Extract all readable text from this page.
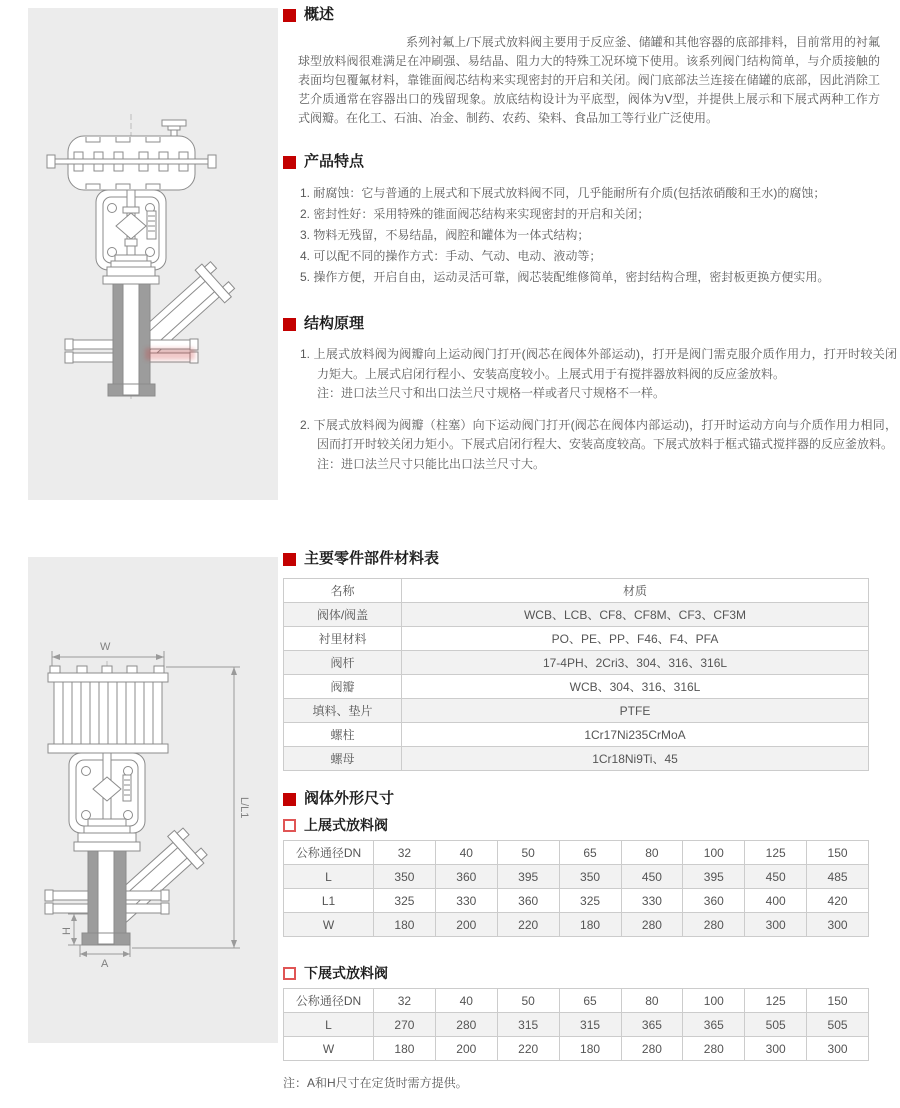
W
L/L1
H
A
概述
系列衬氟上/下展式放料阀主要用于反应釜、储罐和其他容器的底部排料，目前常用的衬氟球型放料阀很难满足在冲刷强、易结晶、阻力大的特殊工况环境下使用。该系列阀门结构简单，与介质接触的表面均包覆氟材料，靠锥面阀芯结构来实现密封的开启和关闭。阀门底部法兰连接在储罐的底部，因此消除工艺介质通常在容器出口的残留现象。放底结构设计为平底型，阀体为V型，并提供上展示和下展式两种工作方式阀瓣。在化工、石油、冶金、制药、农药、染料、食品加工等行业广泛使用。
产品特点
1. 耐腐蚀：它与普通的上展式和下展式放料阀不同，几乎能耐所有介质(包括浓硝酸和王水)的腐蚀；
2. 密封性好：采用特殊的锥面阀芯结构来实现密封的开启和关闭；
3. 物料无残留，不易结晶，阀腔和罐体为一体式结构；
4. 可以配不同的操作方式：手动、气动、电动、液动等；
5. 操作方便，开启自由，运动灵活可靠，阀芯装配维修简单，密封结构合理，密封板更换方便实用。
结构原理
1. 上展式放料阀为阀瓣向上运动阀门打开(阀芯在阀体外部运动)，打开是阀门需克服介质作用力，打开时较关闭力矩大。上展式启闭行程小、安装高度较小。上展式用于有搅拌器放料阀的反应釜放料。
注：进口法兰尺寸和出口法兰尺寸规格一样或者尺寸规格不一样。
2. 下展式放料阀为阀瓣（柱塞）向下运动阀门打开(阀芯在阀体内部运动)，打开时运动方向与介质作用力相同，因而打开时较关闭力矩小。下展式启闭行程大、安装高度较高。下展式放料于框式锚式搅拌器的反应釜放料。
注：进口法兰尺寸只能比出口法兰尺寸大。
主要零件部件材料表
名称	材质
阀体/阀盖	WCB、LCB、CF8、CF8M、CF3、CF3M
衬里材料	PO、PE、PP、F46、F4、PFA
阀杆	17-4PH、2Cri3、304、316、316L
阀瓣	WCB、304、316、316L
填料、垫片	PTFE
螺柱	1Cr17Ni235CrMoA
螺母	1Cr18Ni9Ti、45
阀体外形尺寸
上展式放料阀
公称通径DN	32	40	50	65	80	100	125	150
L	350	360	395	350	450	395	450	485
L1	325	330	360	325	330	360	400	420
W	180	200	220	180	280	280	300	300
下展式放料阀
公称通径DN	32	40	50	65	80	100	125	150
L	270	280	315	315	365	365	505	505
W	180	200	220	180	280	280	300	300
注：A和H尺寸在定货时需方提供。
